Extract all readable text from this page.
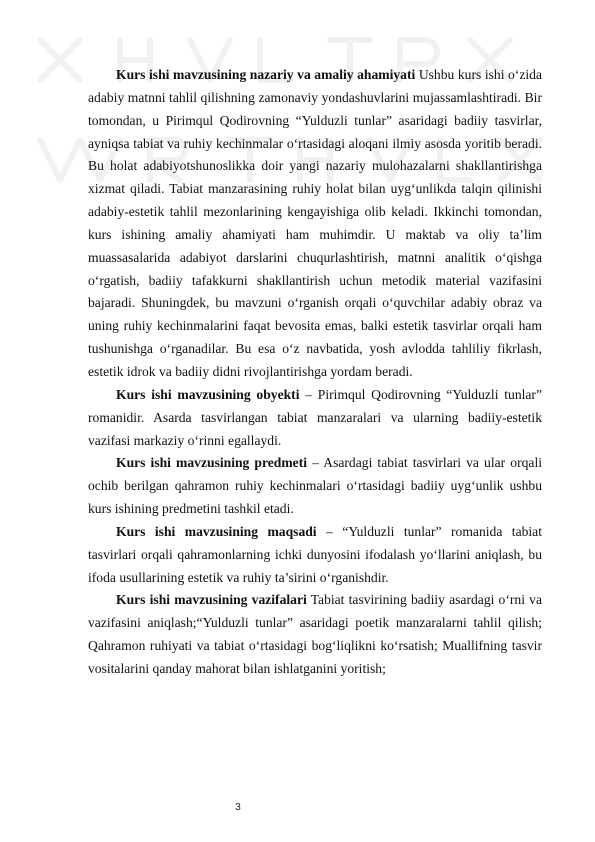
Kurs ishi mavzusining nazariy va amaliy ahamiyati Ushbu kurs ishi o‘zida adabiy matnni tahlil qilishning zamonaviy yondashuvlarini mujassamlashtiradi. Bir tomondan, u Pirimqul Qodirovning “Yulduzli tunlar” asaridagi badiiy tasvirlar, ayniqsa tabiat va ruhiy kechinmalar o‘rtasidagi aloqani ilmiy asosda yoritib beradi. Bu holat adabiyotshunoslikka doir yangi nazariy mulohazalarni shakllantirishga xizmat qiladi. Tabiat manzarasining ruhiy holat bilan uyg‘unlikda talqin qilinishi adabiy-estetik tahlil mezonlarining kengayishiga olib keladi. Ikkinchi tomondan, kurs ishining amaliy ahamiyati ham muhimdir. U maktab va oliy ta’lim muassasalarida adabiyot darslarini chuqurlashtirish, matnni analitik o‘qishga o‘rgatish, badiiy tafakkurni shakllantirish uchun metodik material vazifasini bajaradi. Shuningdek, bu mavzuni o‘rganish orqali o‘quvchilar adabiy obraz va uning ruhiy kechinmalarini faqat bevosita emas, balki estetik tasvirlar orqali ham tushunishga o‘rganadilar. Bu esa o‘z navbatida, yosh avlodda tahliliy fikrlash, estetik idrok va badiiy didni rivojlantirishga yordam beradi.

Kurs ishi mavzusining obyekti – Pirimqul Qodirovning “Yulduzli tunlar” romanidir. Asarda tasvirlangan tabiat manzaralari va ularning badiiy-estetik vazifasi markaziy o‘rinni egallaydi.

Kurs ishi mavzusining predmeti – Asardagi tabiat tasvirlari va ular orqali ochib berilgan qahramon ruhiy kechinmalari o‘rtasidagi badiiy uyg‘unlik ushbu kurs ishining predmetini tashkil etadi.

Kurs ishi mavzusining maqsadi – “Yulduzli tunlar” romanida tabiat tasvirlari orqali qahramonlarning ichki dunyosini ifodalash yo‘llarini aniqlash, bu ifoda usullarining estetik va ruhiy ta’sirini o‘rganishdir.

Kurs ishi mavzusining vazifalari Tabiat tasvirining badiiy asardagi o‘rni va vazifasini aniqlash;“Yulduzli tunlar” asaridagi poetik manzaralarni tahlil qilish; Qahramon ruhiyati va tabiat o‘rtasidagi bog‘liqlikni ko‘rsatish; Muallifning tasvir vositalarini qanday mahorat bilan ishlatganini yoritish;

3
